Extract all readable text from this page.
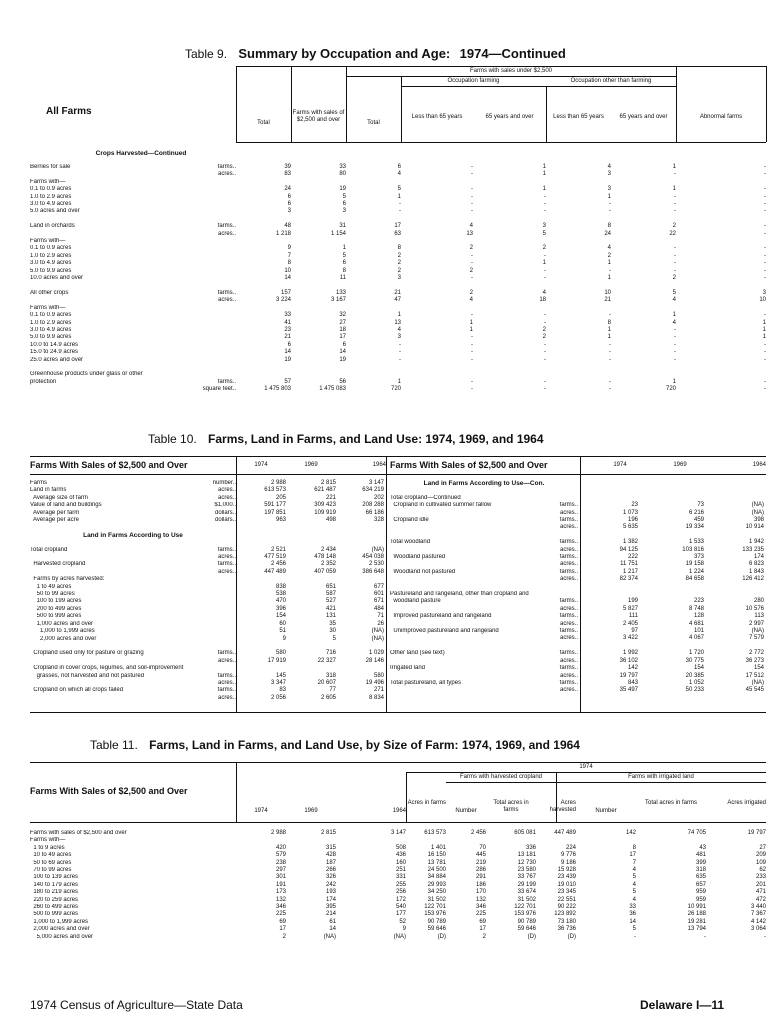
Table 9. Summary by Occupation and Age: 1974—Continued
All Farms
Farms with sales under $2,500
Occupation farming	Occupation other than farming
Total
Farms with sales of $2,500 and over	Total
Less than 65 years	65 years and over	Less than 65 years	65 years and over	Abnormal farms
Crops Harvested—Continued
Berries for sale farms..	39	33	6	-	1	4	1	-

acres..	83	80	4	-	1	3	-	-
Farms with—								
0.1 to 0.9 acres	24	19	5	-	1	3	1	-
1.0 to 2.9 acres	6	5	1	-	-	1	-	-
3.0 to 4.9 acres	6	6	-	-	-	-	-	-
5.0 acres and over	3	3	-	-	-	-	-	-

Land in orchards farms..	48	31	17	4	3	8	2	-

acres..	1 218	1 154	63	13	5	24	22	-
Farms with—								
0.1 to 0.9 acres	9	1	8	2	2	4	-	-
1.0 to 2.9 acres	7	5	2	-	-	2	-	-
3.0 to 4.9 acres	8	6	2	-	1	1	-	-
5.0 to 9.9 acres	10	8	2	2	-	-	-	-
10.0 acres and over	14	11	3	-	-	1	2	-

All other crops farms..	157	133	21	2	4	10	5	3

acres..	3 224	3 167	47	4	18	21	4	10
Farms with—								
0.1 to 0.9 acres	33	32	1	-	-	-	1	-
1.0 to 2.9 acres	41	27	13	1	-	8	4	1
3.0 to 4.9 acres	23	18	4	1	2	1	-	1
5.0 to 9.9 acres	21	17	3	-	2	1	-	1
10.0 to 14.9 acres	6	6	-	-	-	-	-	-
15.0 to 24.9 acres	14	14	-	-	-	-	-	-
25.0 acres and over	19	19	-	-	-	-	-	-

Greenhouse products under glass or other								
protection farms..	57	56	1	-	-	-	1	-

square feet..	1 475 803	1 475 083	720	-	-	-	720	-
Table 10. Farms, Land in Farms, and Land Use: 1974, 1969, and 1964
Farms With Sales of $2,500 and Over	Farms With Sales of $2,500 and Over
1974	1969	1964	1974	1969	1964
Farms number..	2 988	2 815	3 147
Land in farms acres..	613 573	621 487	634 219
Average size of farm acres..	205	221	202
Value of land and buildings $1,000..	591 177	309 423	208 288
Average per farm dollars..	197 851	109 919	66 186
Average per acre dollars..	963	498	328

Land in Farms According to Use			

Total cropland farms..	2 521	2 434	(NA)

acres..	477 519	478 148	454 038
Harvested cropland farms..	2 456	2 352	2 530

acres..	447 489	407 059	386 648
Farms by acres harvested:			
1 to 49 acres	838	651	677
50 to 99 acres	538	587	601
100 to 199 acres	470	527	671
200 to 499 acres	396	421	484
500 to 999 acres	154	131	71
1,000 acres and over	60	35	26
1,000 to 1,999 acres	51	30	(NA)
2,000 acres and over	9	5	(NA)

Cropland used only for pasture or grazing farms..	580	716	1 029

acres..	17 919	22 327	28 146
Cropland in cover crops, legumes, and soil-improvement			
grasses, not harvested and not pastured farms..	145	318	580

acres..	3 347	20 607	19 496
Cropland on which all crops failed farms..	83	77	271

acres..	2 056	2 605	8 834
Land in Farms According to Use—Con.			

Total cropland—Continued			
Cropland in cultivated summer fallow farms..	23	73	(NA)

acres..	1 073	6 216	(NA)
Cropland idle farms..	196	459	398

acres..	5 635	19 334	10 914

Total woodland farms..	1 382	1 533	1 942

acres..	94 125	103 816	133 235
Woodland pastured farms..	222	373	174

acres..	11 751	19 158	6 823
Woodland not pastured farms..	1 217	1 224	1 843

acres..	82 374	84 658	126 412

Pastureland and rangeland, other than cropland and			
woodland pasture farms..	199	223	280

acres..	5 827	8 748	10 576
Improved pastureland and rangeland farms..	111	128	113

acres..	2 405	4 681	2 997
Unimproved pastureland and rangeland farms..	97	101	(NA)

acres..	3 422	4 067	7 579

Other land (see text) farms..	1 992	1 720	2 772

acres..	36 102	30 775	36 273
Irrigated land farms..	142	154	154

acres..	19 797	20 385	17 512
Total pastureland, all types farms..	843	1 052	(NA)

acres..	35 497	50 233	45 545
Table 11. Farms, Land in Farms, and Land Use, by Size of Farm: 1974, 1969, and 1964
Farms With Sales of $2,500 and Over
1974
Farms with harvested cropland	Farms with irrigated land
1974	1969	1964
Acres in farms
Number
Total acres in farms
Acres harvested	Number
Total acres in farms	Acres irrigated
Farms with sales of $2,500 and over	2 988	2 815	3 147	613 573	2 456	605 081	447 489	142	74 705	19 797
Farms with—										
1 to 9 acres	420	315	508	1 401	70	336	224	8	43	27
10 to 49 acres	579	428	436	16 150	445	13 181	9 776	17	481	209
50 to 69 acres	238	187	160	13 781	219	12 730	9 186	7	399	109
70 to 99 acres	297	266	251	24 500	286	23 580	15 928	4	318	62
100 to 139 acres	301	326	331	34 884	291	33 767	23 439	5	635	233
140 to 179 acres	191	242	255	29 993	186	29 199	19 010	4	657	201
180 to 219 acres	173	193	256	34 250	170	33 674	23 345	5	959	471
220 to 259 acres	132	174	172	31 502	132	31 502	22 551	4	959	472
260 to 499 acres	346	395	540	122 701	346	122 701	90 222	33	10 991	3 440
500 to 999 acres	225	214	177	153 976	225	153 976	123 892	36	26 188	7 367
1,000 to 1,999 acres	69	61	52	90 789	69	90 789	73 180	14	19 281	4 142
2,000 acres and over	17	14	9	59 646	17	59 646	36 736	5	13 794	3 064
5,000 acres and over	2	(NA)	(NA)	(D)	2	(D)	(D)	-	-	-
1974 Census of Agriculture—State Data	Delaware I—11
